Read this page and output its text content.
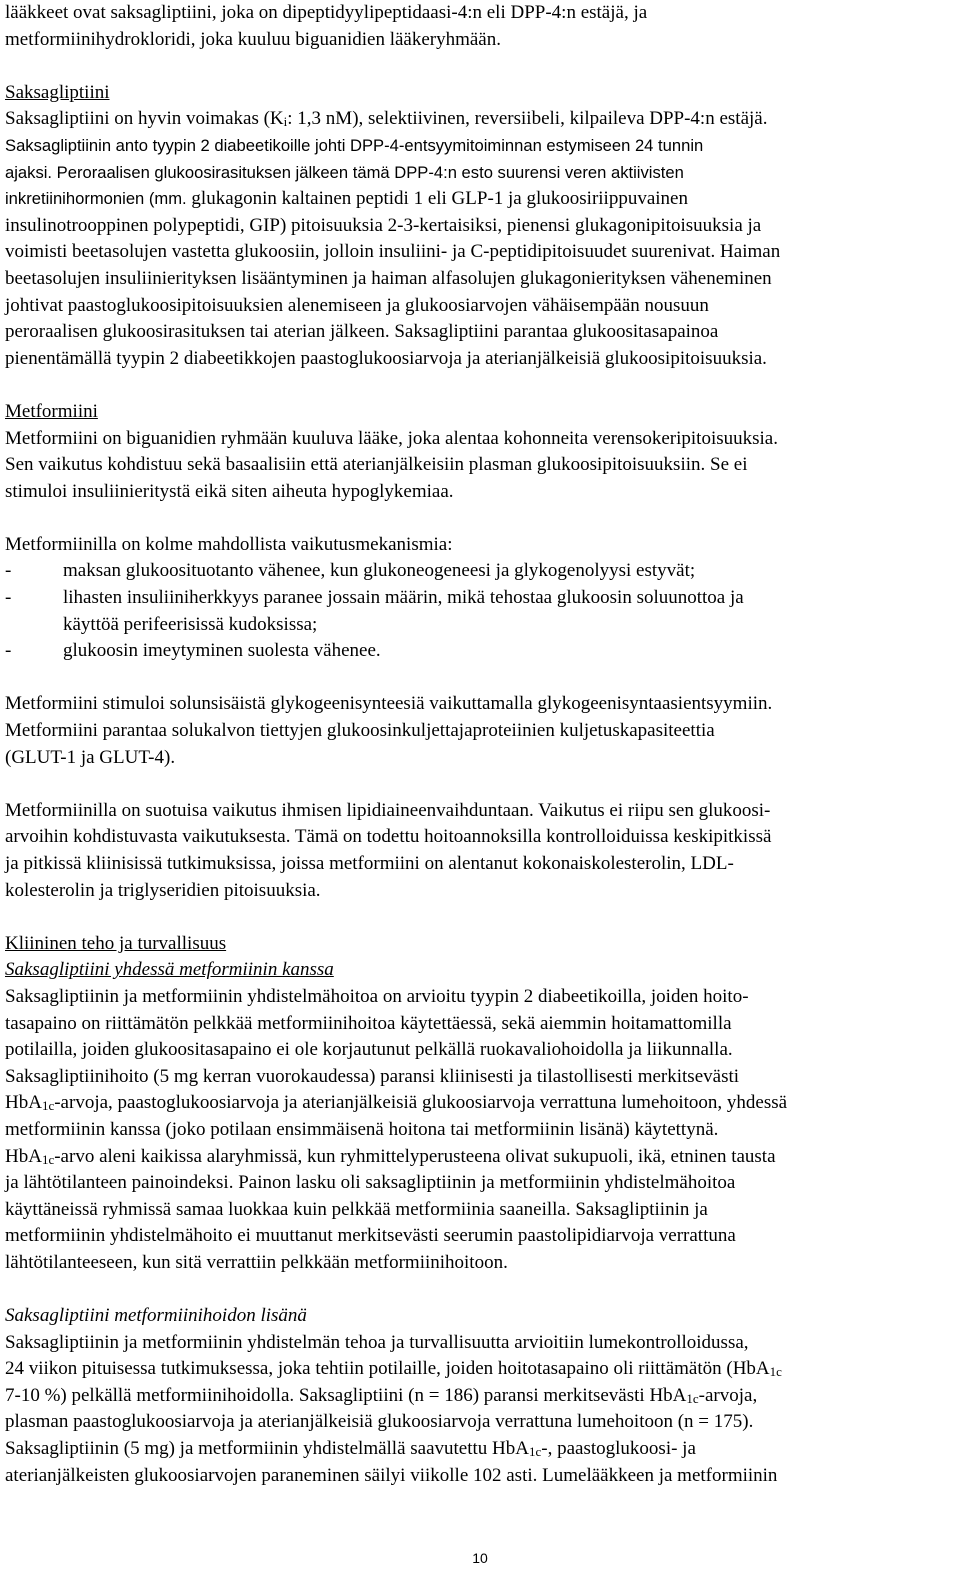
lääkkeet ovat saksagliptiini, joka on dipeptidyylipeptidaasi-4:n eli DPP-4:n estäjä, ja
metformiinihydrokloridi, joka kuuluu biguanidien lääkeryhmään.
Saksagliptiini
Saksagliptiini on hyvin voimakas ($K_i$: 1,3 nM), selektiivinen, reversiibeli, kilpaileva DPP-4:n estäjä.
Saksagliptiinin anto tyypin 2 diabeetikoille johti DPP-4-entsyymitoiminnan estymiseen 24 tunnin
ajaksi. Peroraalisen glukoosirasituksen jälkeen tämä DPP-4:n esto suurensi veren aktiivisten
inkretiinihormonien (mm. glukagonin kaltainen peptidi 1 eli GLP-1 ja glukoosiriippuvainen
insulinotrooppinen polypeptidi, GIP) pitoisuuksia 2-3-kertaisiksi, pienensi glukagonipitoisuuksia ja
voimisti beetasolujen vastetta glukoosiin, jolloin insuliini- ja C-peptidipitoisuudet suurenivat. Haiman
beetasolujen insuliinierityksen lisääntyminen ja haiman alfasolujen glukagonierityksen väheneminen
johtivat paastoglukoosipitoisuuksien alenemiseen ja glukoosiarvojen vähäisempään nousuun
peroraalisen glukoosirasituksen tai aterian jälkeen. Saksagliptiini parantaa glukoositasapainoa
pienentämällä tyypin 2 diabeetikkojen paastoglukoosiarvoja ja aterianjälkeisiä glukoosipitoisuuksia.
Metformiini
Metformiini on biguanidien ryhmään kuuluva lääke, joka alentaa kohonneita verensokeripitoisuuksia.
Sen vaikutus kohdistuu sekä basaalisiin että aterianjälkeisiin plasman glukoosipitoisuuksiin. Se ei
stimuloi insuliinieritystä eikä siten aiheuta hypoglykemiaa.
Metformiinilla on kolme mahdollista vaikutusmekanismia:
-	maksan glukoosituotanto vähenee, kun glukoneogeneesi ja glykogenolyysi estyvät;
-	lihasten insuliiniherkkyys paranee jossain määrin, mikä tehostaa glukoosin soluunottoa ja
käyttöä perifeerisissä kudoksissa;
-	glukoosin imeytyminen suolesta vähenee.
Metformiini stimuloi solunsisäistä glykogeenisynteesiä vaikuttamalla glykogeenisyntaasientsyymiin.
Metformiini parantaa solukalvon tiettyjen glukoosinkuljettajaproteiinien kuljetuskapasiteettia
(GLUT-1 ja GLUT-4).
Metformiinilla on suotuisa vaikutus ihmisen lipidiaineenvaihduntaan. Vaikutus ei riipu sen glukoosi-
arvoihin kohdistuvasta vaikutuksesta. Tämä on todettu hoitoannoksilla kontrolloiduissa keskipitkissä
ja pitkissä kliinisissä tutkimuksissa, joissa metformiini on alentanut kokonaiskolesterolin, LDL-
kolesterolin ja triglyseridien pitoisuuksia.
Kliininen teho ja turvallisuus
Saksagliptiini yhdessä metformiinin kanssa
Saksagliptiinin ja metformiinin yhdistelmähoitoa on arvioitu tyypin 2 diabeetikoilla, joiden hoito-
tasapaino on riittämätön pelkkää metformiinihoitoa käytettäessä, sekä aiemmin hoitamattomilla
potilailla, joiden glukoositasapaino ei ole korjautunut pelkällä ruokavaliohoidolla ja liikunnalla.
Saksagliptiinihoito (5 mg kerran vuorokaudessa) paransi kliinisesti ja tilastollisesti merkitsevästi
HbA$_{1c}$-arvoja, paastoglukoosiarvoja ja aterianjälkeisiä glukoosiarvoja verrattuna lumehoitoon, yhdessä
metformiinin kanssa (joko potilaan ensimmäisenä hoitona tai metformiinin lisänä) käytettynä.
HbA$_{1c}$-arvo aleni kaikissa alaryhmissä, kun ryhmittelyperusteena olivat sukupuoli, ikä, etninen tausta
ja lähtötilanteen painoindeksi. Painon lasku oli saksagliptiinin ja metformiinin yhdistelmähoitoa
käyttäneissä ryhmissä samaa luokkaa kuin pelkkää metformiinia saaneilla. Saksagliptiinin ja
metformiinin yhdistelmähoito ei muuttanut merkitsevästi seerumin paastolipidiarvoja verrattuna
lähtötilanteeseen, kun sitä verrattiin pelkkään metformiinihoitoon.
Saksagliptiini metformiinihoidon lisänä
Saksagliptiinin ja metformiinin yhdistelmän tehoa ja turvallisuutta arvioitiin lumekontrolloidussa,
24 viikon pituisessa tutkimuksessa, joka tehtiin potilaille, joiden hoitotasapaino oli riittämätön (HbA$_{1c}$
7-10 %) pelkällä metformiinihoidolla. Saksagliptiini (n = 186) paransi merkitsevästi HbA$_{1c}$-arvoja,
plasman paastoglukoosiarvoja ja aterianjälkeisiä glukoosiarvoja verrattuna lumehoitoon (n = 175).
Saksagliptiinin (5 mg) ja metformiinin yhdistelmällä saavutettu HbA$_{1c}$-, paastoglukoosi- ja
aterianjälkeisten glukoosiarvojen paraneminen säilyi viikolle 102 asti. Lumelääkkeen ja metformiinin
10
